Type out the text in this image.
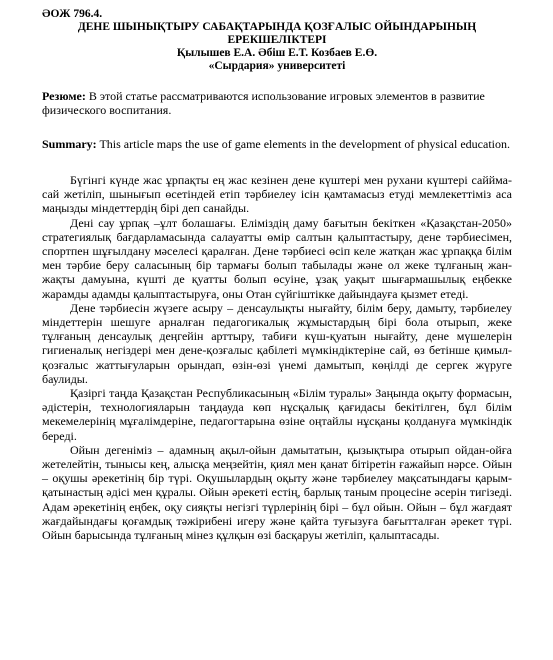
ӘОЖ 796.4.
ДЕНЕ ШЫНЫҚТЫРУ САБАҚТАРЫНДА ҚОЗҒАЛЫС ОЙЫНДАРЫНЫҢ
ЕРЕКШЕЛІКТЕРІ
Қылышев Е.А. Әбіш Е.Т. Козбаев Е.Ө.
«Сырдария» университеті
Резюме: В этой статье рассматриваются использование игровых элементов в развитие физического воспитания.
Summary: This article maps the use of game elements in the development of physical education.

Бүгінгі күнде жас ұрпақты ең жас кезінен дене күштері мен рухани күштері саййма-сай жетіліп, шынығып өсетіндей етіп тәрбиелеу ісін қамтамасыз етуді мемлекеттіміз аса маңызды міндеттердің бірі деп санайды.

Дені сау ұрпақ –ұлт болашағы. Еліміздің даму бағытын бекіткен «Қазақстан-2050» стратегиялық бағдарламасында салауатты өмір салтын қалыптастыру, дене тәрбиесімен, спортпен шұғылдану мәселесі қаралған. Дене тәрбиесі өсіп келе жатқан жас ұрпаққа білім мен тәрбие беру саласының бір тармағы болып табылады және ол жеке тұлғаның жан-жақты дамуына, күшті де қуатты болып өсуіне, ұзақ уақыт шығармашылық еңбекке жарамды адамды қалыптастыруға, оны Отан сүйгіштікке дайындауға қызмет етеді.

Дене тәрбиесін жүзеге асыру – денсаулықты нығайту, білім беру, дамыту, тәрбиелеу міндеттерін шешуге арналған педагогикалық жұмыстардың бірі бола отырып, жеке тұлғаның денсаулық деңгейін арттыру, табиғи күш-қуатын нығайту, дене мүшелерін гигиеналық негіздері мен дене-қозғалыс қабілеті мүмкіндіктеріне сай, өз бетінше қимыл-қозғалыс жаттығуларын орындап, өзін-өзі үнемі дамытып, көңілді де сергек жүруге баулиды.

Қазіргі таңда Қазақстан Республикасының «Білім туралы» Заңында оқыту формасын, әдістерін, технологияларын таңдауда көп нұсқалық қағидасы бекітілген, бұл білім мекемелерінің мұғалімдеріне, педагогтарына өзіне оңтайлы нұсқаны қолдануға мүмкіндік береді.

Ойын дегеніміз – адамның ақыл-ойын дамытатын, қызықтыра отырып ойдан-ойға жетелейтін, тынысы кең, алысқа меңзейтін, қиял мен қанат бітіретін ғажайып нәрсе. Ойын – оқушы әрекетінің бір түрі. Оқушылардың оқыту және тәрбиелеу мақсатындағы қарым-қатынастың әдісі мен құралы. Ойын әрекеті естің, барлық таным процесіне әсерін тигізеді. Адам әрекетінің еңбек, оқу сияқты негізгі түрлерінің бірі – бұл ойын. Ойын – бұл жағдаят жағдайындағы қоғамдық тәжірибені игеру және қайта туғызуға бағытталған әрекет түрі. Ойын барысында тұлғаның мінез құлқын өзі басқаруы жетіліп, қалыптасады.
